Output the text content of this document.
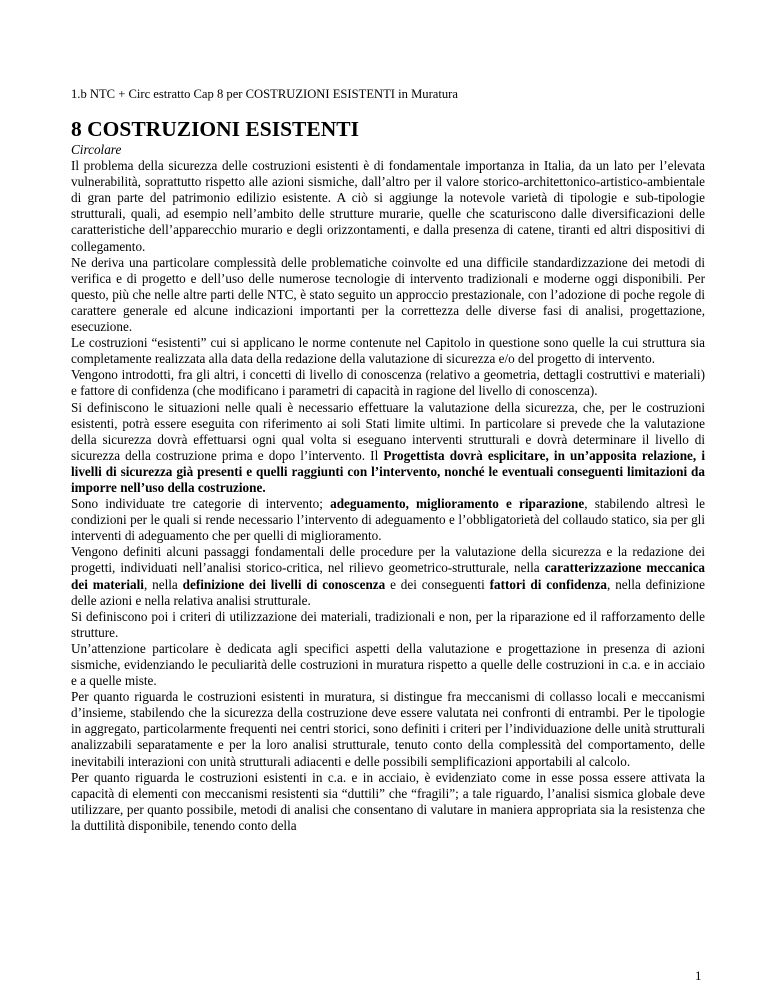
1.b NTC + Circ estratto Cap 8 per COSTRUZIONI ESISTENTI in Muratura
8 COSTRUZIONI ESISTENTI

Circolare

Il problema della sicurezza delle costruzioni esistenti è di fondamentale importanza in Italia, da un lato per l’elevata vulnerabilità, soprattutto rispetto alle azioni sismiche, dall’altro per il valore storico-architettonico-artistico-ambientale di gran parte del patrimonio edilizio esistente. A ciò si aggiunge la notevole varietà di tipologie e sub-tipologie strutturali, quali, ad esempio nell’ambito delle strutture murarie, quelle che scaturiscono dalle diversificazioni delle caratteristiche dell’apparecchio murario e degli orizzontamenti, e dalla presenza di catene, tiranti ed altri dispositivi di collegamento.

Ne deriva una particolare complessità delle problematiche coinvolte ed una difficile standardizzazione dei metodi di verifica e di progetto e dell’uso delle numerose tecnologie di intervento tradizionali e moderne oggi disponibili. Per questo, più che nelle altre parti delle NTC, è stato seguito un approccio prestazionale, con l’adozione di poche regole di carattere generale ed alcune indicazioni importanti per la correttezza delle diverse fasi di analisi, progettazione, esecuzione.

Le costruzioni “esistenti” cui si applicano le norme contenute nel Capitolo in questione sono quelle la cui struttura sia completamente realizzata alla data della redazione della valutazione di sicurezza e/o del progetto di intervento.

Vengono introdotti, fra gli altri, i concetti di livello di conoscenza (relativo a geometria, dettagli costruttivi e materiali) e fattore di confidenza (che modificano i parametri di capacità in ragione del livello di conoscenza).

Si definiscono le situazioni nelle quali è necessario effettuare la valutazione della sicurezza, che, per le costruzioni esistenti, potrà essere eseguita con riferimento ai soli Stati limite ultimi. In particolare si prevede che la valutazione della sicurezza dovrà effettuarsi ogni qual volta si eseguano interventi strutturali e dovrà determinare il livello di sicurezza della costruzione prima e dopo l’intervento. Il Progettista dovrà esplicitare, in un’apposita relazione, i livelli di sicurezza già presenti e quelli raggiunti con l’intervento, nonché le eventuali conseguenti limitazioni da imporre nell’uso della costruzione.

Sono individuate tre categorie di intervento; adeguamento, miglioramento e riparazione, stabilendo altresì le condizioni per le quali si rende necessario l’intervento di adeguamento e l’obbligatorietà del collaudo statico, sia per gli interventi di adeguamento che per quelli di miglioramento.

Vengono definiti alcuni passaggi fondamentali delle procedure per la valutazione della sicurezza e la redazione dei progetti, individuati nell’analisi storico-critica, nel rilievo geometrico-strutturale, nella caratterizzazione meccanica dei materiali, nella definizione dei livelli di conoscenza e dei conseguenti fattori di confidenza, nella definizione delle azioni e nella relativa analisi strutturale.

Si definiscono poi i criteri di utilizzazione dei materiali, tradizionali e non, per la riparazione ed il rafforzamento delle strutture.

Un’attenzione particolare è dedicata agli specifici aspetti della valutazione e progettazione in presenza di azioni sismiche, evidenziando le peculiarità delle costruzioni in muratura rispetto a quelle delle costruzioni in c.a. e in acciaio e a quelle miste.

Per quanto riguarda le costruzioni esistenti in muratura, si distingue fra meccanismi di collasso locali e meccanismi d’insieme, stabilendo che la sicurezza della costruzione deve essere valutata nei confronti di entrambi. Per le tipologie in aggregato, particolarmente frequenti nei centri storici, sono definiti i criteri per l’individuazione delle unità strutturali analizzabili separatamente e per la loro analisi strutturale, tenuto conto della complessità del comportamento, delle inevitabili interazioni con unità strutturali adiacenti e delle possibili semplificazioni apportabili al calcolo.

Per quanto riguarda le costruzioni esistenti in c.a. e in acciaio, è evidenziato come in esse possa essere attivata la capacità di elementi con meccanismi resistenti sia “duttili” che “fragili”; a tale riguardo, l’analisi sismica globale deve utilizzare, per quanto possibile, metodi di analisi che consentano di valutare in maniera appropriata sia la resistenza che la duttilità disponibile, tenendo conto della

1
